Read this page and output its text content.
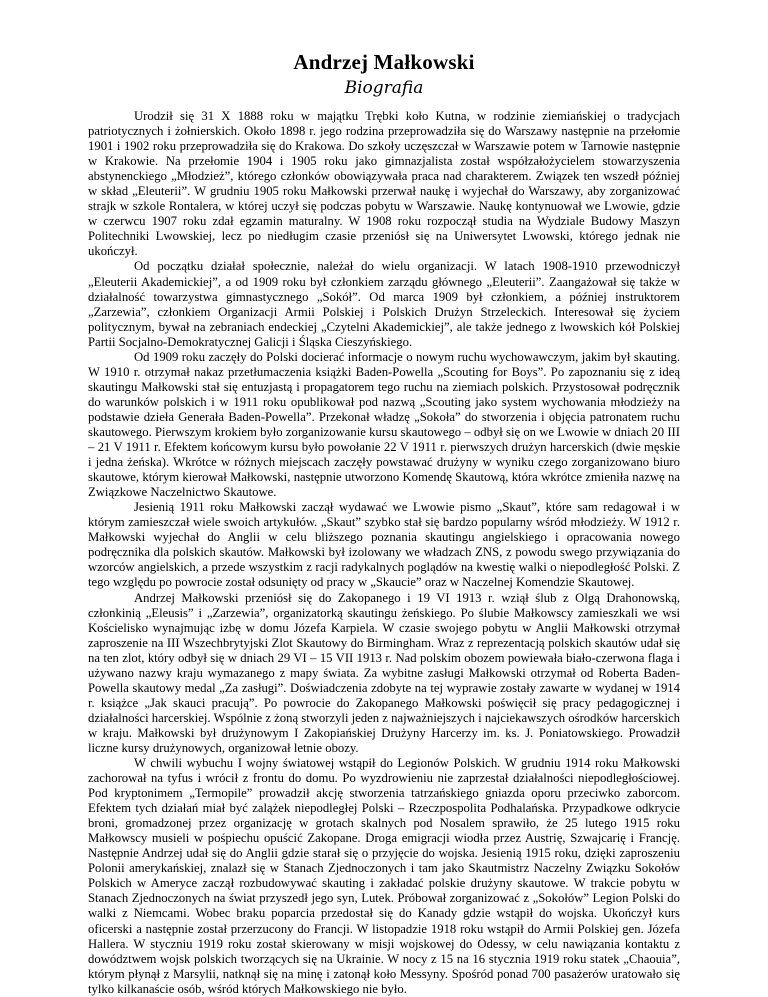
Andrzej Małkowski
Biografia

Urodził się 31 X 1888 roku w majątku Trębki koło Kutna, w rodzinie ziemiańskiej o tradycjach patriotycznych i żołnierskich. Około 1898 r. jego rodzina przeprowadziła się do Warszawy następnie na przełomie 1901 i 1902 roku przeprowadziła się do Krakowa. Do szkoły uczęszczał w Warszawie potem w Tarnowie następnie w Krakowie. Na przełomie 1904 i 1905 roku jako gimnazjalista został współzałożycielem stowarzyszenia abstynenckiego „Młodzież”, którego członków obowiązywała praca nad charakterem. Związek ten wszedł później w skład „Eleuterii”. W grudniu 1905 roku Małkowski przerwał naukę i wyjechał do Warszawy, aby zorganizować strajk w szkole Rontalera, w której uczył się podczas pobytu w Warszawie. Naukę kontynuował we Lwowie, gdzie w czerwcu 1907 roku zdał egzamin maturalny. W 1908 roku rozpoczął studia na Wydziale Budowy Maszyn Politechniki Lwowskiej, lecz po niedługim czasie przeniósł się na Uniwersytet Lwowski, którego jednak nie ukończył.

Od początku działał społecznie, należał do wielu organizacji. W latach 1908-1910 przewodniczył „Eleuterii Akademickiej”, a od 1909 roku był członkiem zarządu głównego „Eleuterii”. Zaangażował się także w działalność towarzystwa gimnastycznego „Sokół”. Od marca 1909 był członkiem, a później instruktorem „Zarzewia”, członkiem Organizacji Armii Polskiej i Polskich Drużyn Strzeleckich. Interesował się życiem politycznym, bywał na zebraniach endeckiej „Czytelni Akademickiej”, ale także jednego z lwowskich kół Polskiej Partii Socjalno-Demokratycznej Galicji i Śląska Cieszyńskiego.

Od 1909 roku zaczęły do Polski docierać informacje o nowym ruchu wychowawczym, jakim był skauting. W 1910 r. otrzymał nakaz przetłumaczenia książki Baden-Powella „Scouting for Boys”. Po zapoznaniu się z ideą skautingu Małkowski stał się entuzjastą i propagatorem tego ruchu na ziemiach polskich. Przystosował podręcznik do warunków polskich i w 1911 roku opublikował pod nazwą „Scouting jako system wychowania młodzieży na podstawie dzieła Generała Baden-Powella”. Przekonał władzę „Sokoła” do stworzenia i objęcia patronatem ruchu skautowego. Pierwszym krokiem było zorganizowanie kursu skautowego – odbył się on we Lwowie w dniach 20 III – 21 V 1911 r. Efektem końcowym kursu było powołanie 22 V 1911 r. pierwszych drużyn harcerskich (dwie męskie i jedna żeńska). Wkrótce w różnych miejscach zaczęły powstawać drużyny w wyniku czego zorganizowano biuro skautowe, którym kierował Małkowski, następnie utworzono Komendę Skautową, która wkrótce zmieniła nazwę na Związkowe Naczelnictwo Skautowe.

Jesienią 1911 roku Małkowski zaczął wydawać we Lwowie pismo „Skaut”, które sam redagował i w którym zamieszczał wiele swoich artykułów. „Skaut” szybko stał się bardzo popularny wśród młodzieży. W 1912 r. Małkowski wyjechał do Anglii w celu bliższego poznania skautingu angielskiego i opracowania nowego podręcznika dla polskich skautów. Małkowski był izolowany we władzach ZNS, z powodu swego przywiązania do wzorców angielskich, a przede wszystkim z racji radykalnych poglądów na kwestię walki o niepodległość Polski. Z tego względu po powrocie został odsunięty od pracy w „Skaucie” oraz w Naczelnej Komendzie Skautowej.

Andrzej Małkowski przeniósł się do Zakopanego i 19 VI 1913 r. wziął ślub z Olgą Drahonowską, członkinią „Eleusis” i „Zarzewia”, organizatorką skautingu żeńskiego. Po ślubie Małkowscy zamieszkali we wsi Kościelisko wynajmując izbę w domu Józefa Karpiela. W czasie swojego pobytu w Anglii Małkowski otrzymał zaproszenie na III Wszechbrytyjski Zlot Skautowy do Birmingham. Wraz z reprezentacją polskich skautów udał się na ten zlot, który odbył się w dniach 29 VI – 15 VII 1913 r. Nad polskim obozem powiewała biało-czerwona flaga i używano nazwy kraju wymazanego z mapy świata. Za wybitne zasługi Małkowski otrzymał od Roberta Baden-Powella skautowy medal „Za zasługi”. Doświadczenia zdobyte na tej wyprawie zostały zawarte w wydanej w 1914 r. książce „Jak skauci pracują”. Po powrocie do Zakopanego Małkowski poświęcił się pracy pedagogicznej i działalności harcerskiej. Wspólnie z żoną stworzyli jeden z najważniejszych i najciekawszych ośrodków harcerskich w kraju. Małkowski był drużynowym I Zakopiańskiej Drużyny Harcerzy im. ks. J. Poniatowskiego. Prowadził liczne kursy drużynowych, organizował letnie obozy.

W chwili wybuchu I wojny światowej wstąpił do Legionów Polskich. W grudniu 1914 roku Małkowski zachorował na tyfus i wrócił z frontu do domu. Po wyzdrowieniu nie zaprzestał działalności niepodległościowej. Pod kryptonimem „Termopile” prowadził akcję stworzenia tatrzańskiego gniazda oporu przeciwko zaborcom. Efektem tych działań miał być zalążek niepodległej Polski – Rzeczpospolita Podhalańska. Przypadkowe odkrycie broni, gromadzonej przez organizację w grotach skalnych pod Nosalem sprawiło, że 25 lutego 1915 roku Małkowscy musieli w pośpiechu opuścić Zakopane. Droga emigracji wiodła przez Austrię, Szwajcarię i Francję. Następnie Andrzej udał się do Anglii gdzie starał się o przyjęcie do wojska. Jesienią 1915 roku, dzięki zaproszeniu Polonii amerykańskiej, znalazł się w Stanach Zjednoczonych i tam jako Skautmistrz Naczelny Związku Sokołów Polskich w Ameryce zaczął rozbudowywać skauting i zakładać polskie drużyny skautowe. W trakcie pobytu w Stanach Zjednoczonych na świat przyszedł jego syn, Lutek. Próbował zorganizować z „Sokołów” Legion Polski do walki z Niemcami. Wobec braku poparcia przedostał się do Kanady gdzie wstąpił do wojska. Ukończył kurs oficerski a następnie został przerzucony do Francji. W listopadzie 1918 roku wstąpił do Armii Polskiej gen. Józefa Hallera. W styczniu 1919 roku został skierowany w misji wojskowej do Odessy, w celu nawiązania kontaktu z dowództwem wojsk polskich tworzących się na Ukrainie. W nocy z 15 na 16 stycznia 1919 roku statek „Chaouia”, którym płynął z Marsylii, natknął się na minę i zatonął koło Messyny. Spośród ponad 700 pasażerów uratowało się tylko kilkanaście osób, wśród których Małkowskiego nie było.
